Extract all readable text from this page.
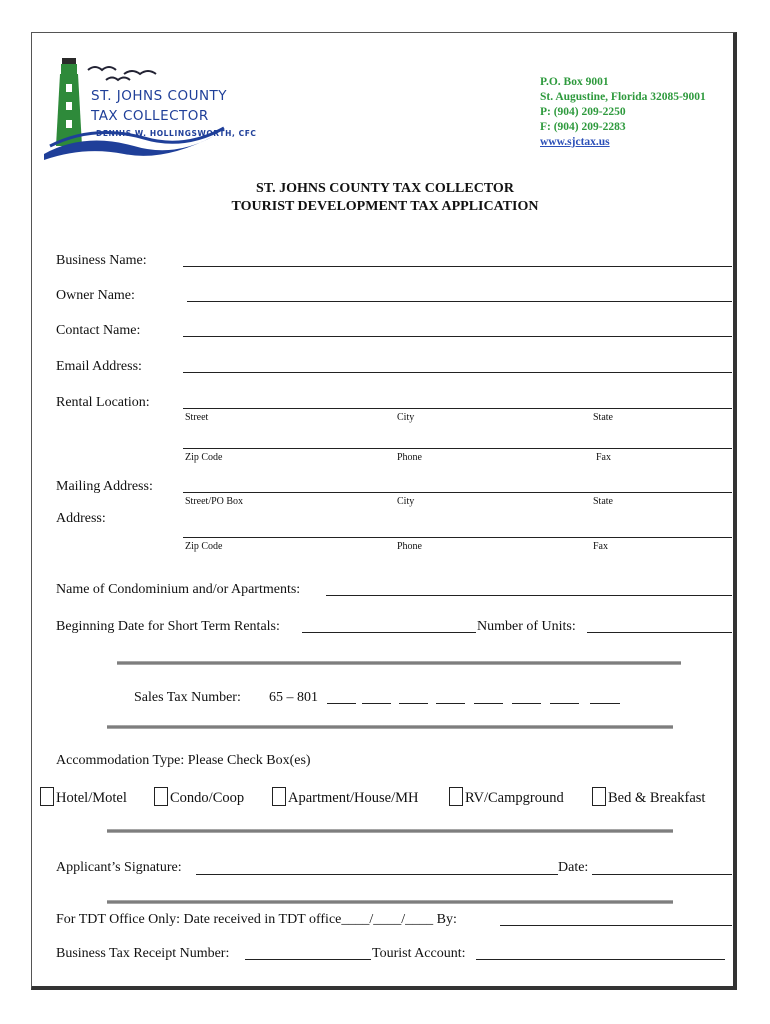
ST. JOHNS COUNTY
TAX COLLECTOR
DENNIS W. HOLLINGSWORTH, CFC
P.O. Box 9001
St. Augustine, Florida 32085-9001
P: (904) 209-2250
F: (904) 209-2283
www.sjctax.us
ST. JOHNS COUNTY TAX COLLECTOR
TOURIST DEVELOPMENT TAX APPLICATION
Business Name:
Owner Name:
Contact Name:
Email Address:
Rental Location:
Street	City	State
Zip Code	Phone	Fax
Mailing Address:
Street/PO Box	City	State
Address:
Zip Code	Phone	Fax
Name of Condominium and/or Apartments:
Beginning Date for Short Term Rentals:	Number of Units:
Sales Tax Number: 65 – 801
Accommodation Type: Please Check Box(es)
Hotel/Motel	Condo/Coop	Apartment/House/MH	RV/Campground	Bed & Breakfast
Applicant’s Signature:	Date:
For TDT Office Only: Date received in TDT office____/____/____ By:
Business Tax Receipt Number:	Tourist Account:
